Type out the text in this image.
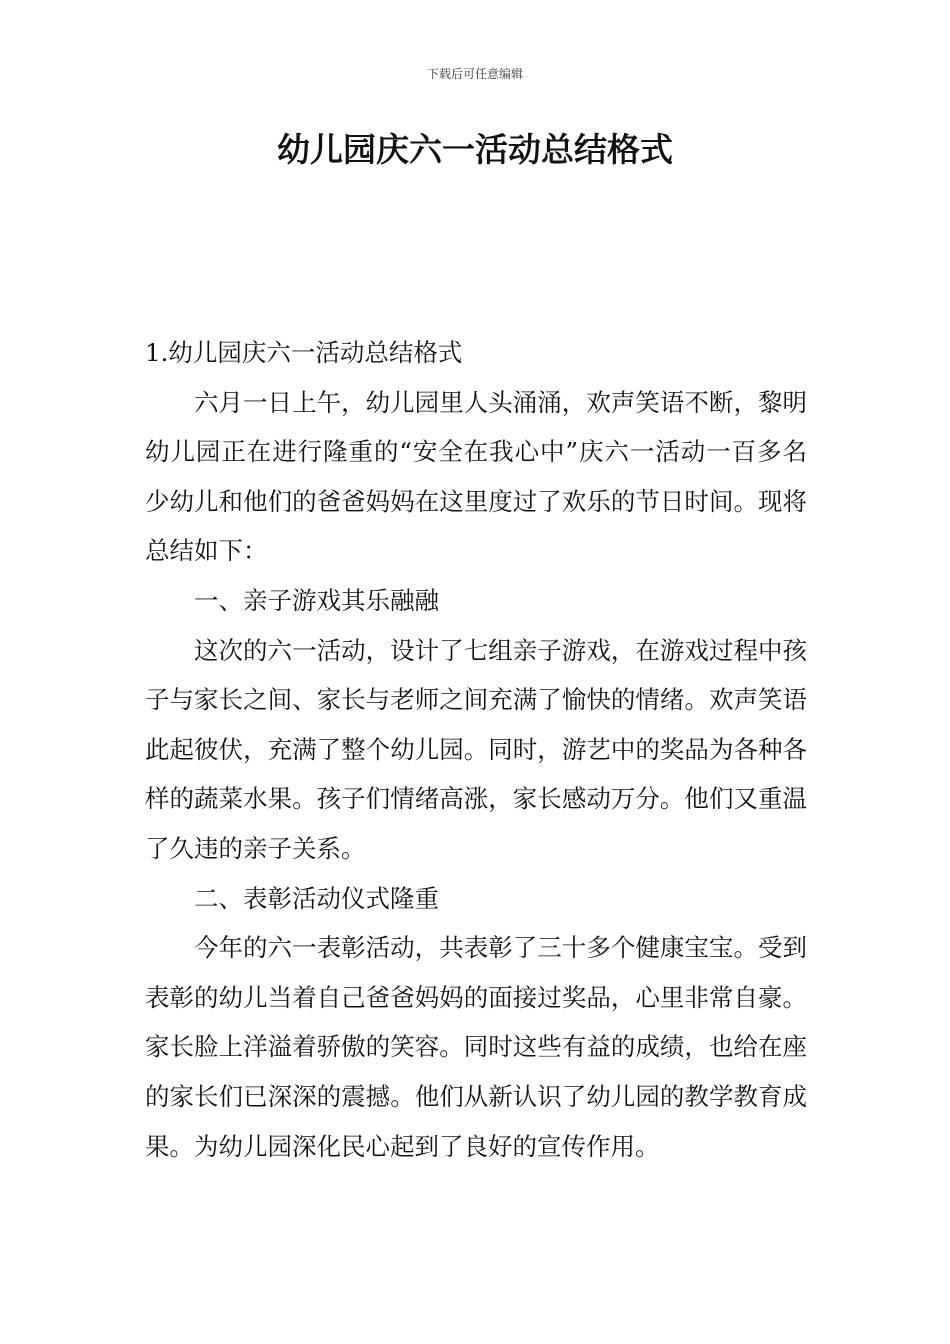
下载后可任意编辑
幼儿园庆六一活动总结格式

1.幼儿园庆六一活动总结格式

六月一日上午，幼儿园里人头涌涌，欢声笑语不断，黎明幼儿园正在进行隆重的“安全在我心中”庆六一活动一百多名少幼儿和他们的爸爸妈妈在这里度过了欢乐的节日时间。现将总结如下：

一、亲子游戏其乐融融

这次的六一活动，设计了七组亲子游戏，在游戏过程中孩子与家长之间、家长与老师之间充满了愉快的情绪。欢声笑语此起彼伏，充满了整个幼儿园。同时，游艺中的奖品为各种各样的蔬菜水果。孩子们情绪高涨，家长感动万分。他们又重温了久违的亲子关系。

二、表彰活动仪式隆重

今年的六一表彰活动，共表彰了三十多个健康宝宝。受到表彰的幼儿当着自己爸爸妈妈的面接过奖品，心里非常自豪。家长脸上洋溢着骄傲的笑容。同时这些有益的成绩，也给在座的家长们已深深的震撼。他们从新认识了幼儿园的教学教育成果。为幼儿园深化民心起到了良好的宣传作用。
